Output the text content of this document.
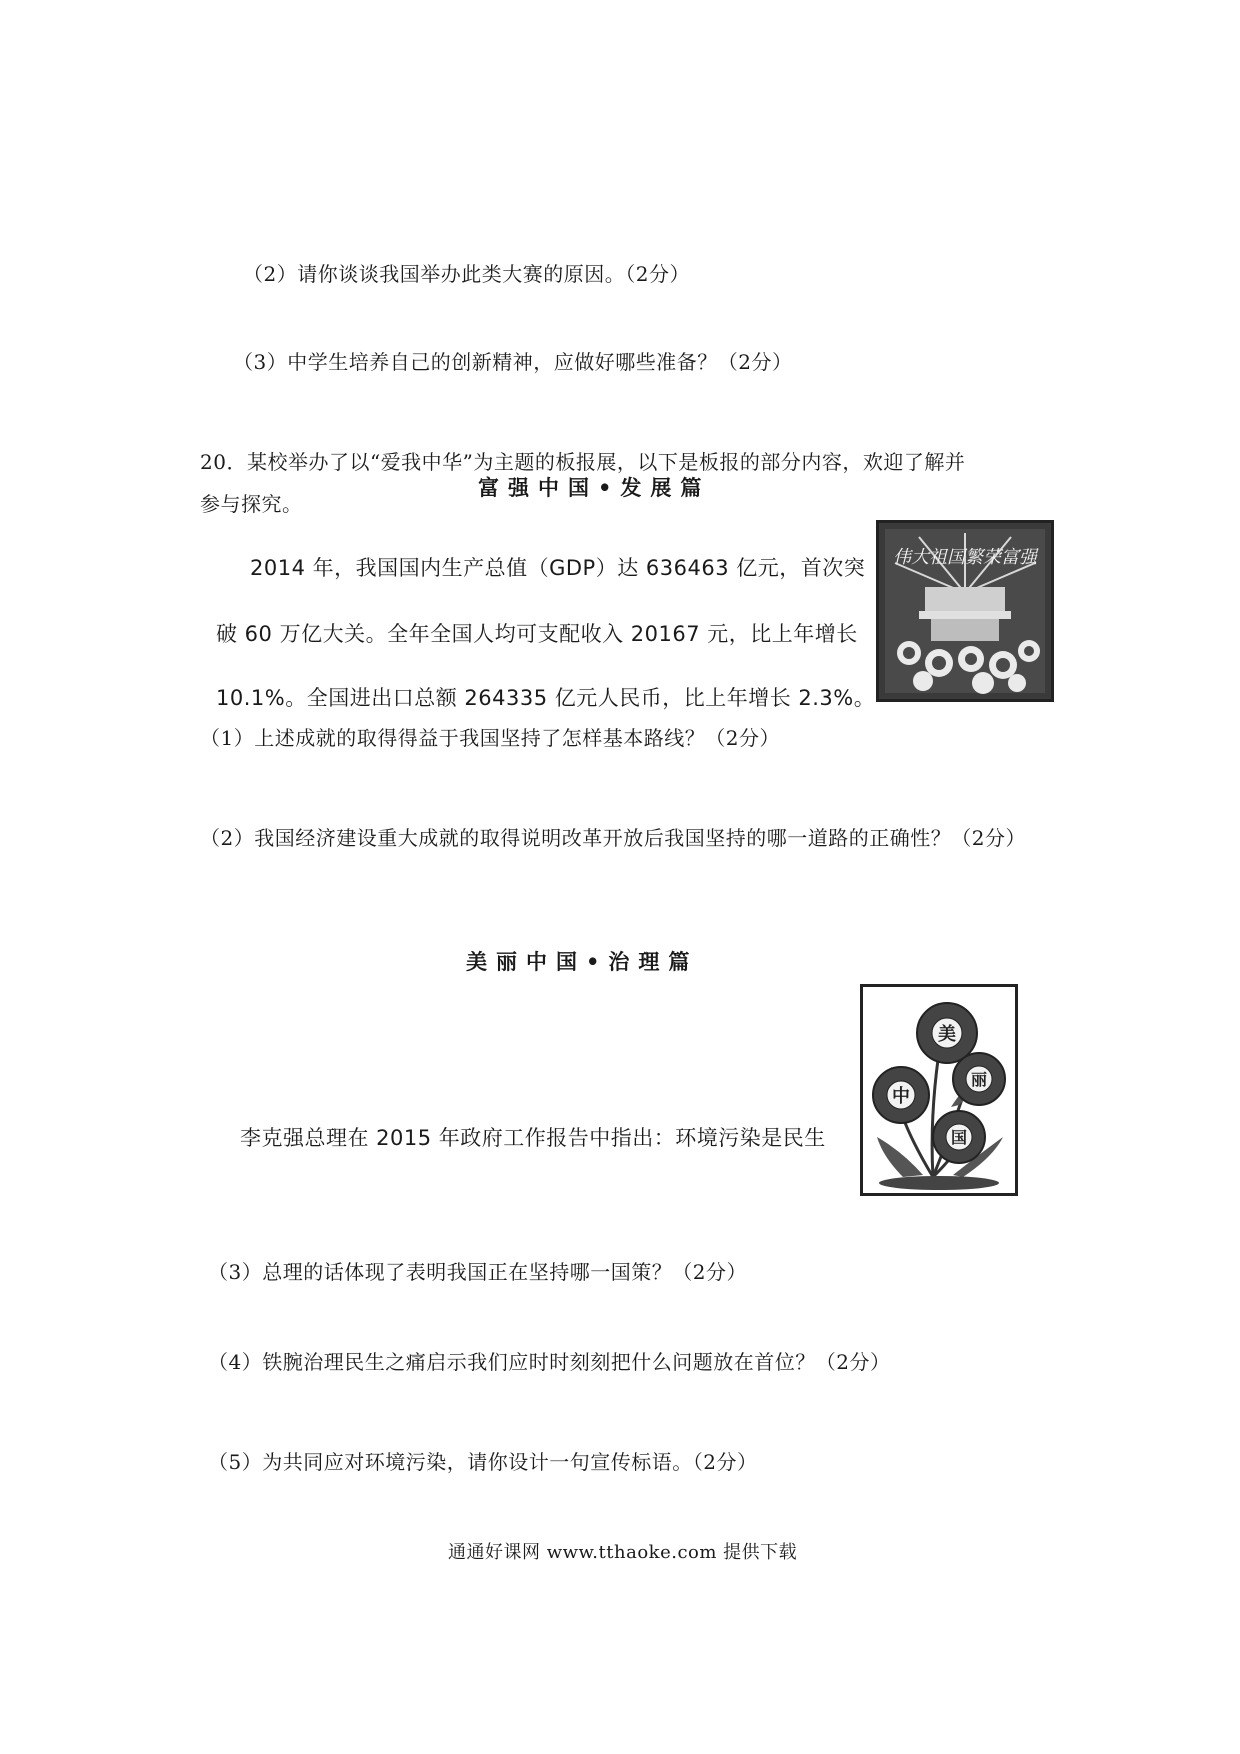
（2）请你谈谈我国举办此类大赛的原因。（2分）
（3）中学生培养自己的创新精神，应做好哪些准备？（2分）
20．某校举办了以“爱我中华”为主题的板报展，以下是板报的部分内容，欢迎了解并
参与探究。
富强中国•发展篇
2014 年，我国国内生产总值（GDP）达 636463 亿元，首次突
破 60 万亿大关。全年全国人均可支配收入 20167 元，比上年增长
10.1%。全国进出口总额 264335 亿元人民币，比上年增长 2.3%。
伟大祖国繁荣富强
（1）上述成就的取得得益于我国坚持了怎样基本路线？（2分）
（2）我国经济建设重大成就的取得说明改革开放后我国坚持的哪一道路的正确性？（2分）
美丽中国•治理篇
美
丽
中
国
李克强总理在 2015 年政府工作报告中指出：环境污染是民生
（3）总理的话体现了表明我国正在坚持哪一国策？（2分）
（4）铁腕治理民生之痛启示我们应时时刻刻把什么问题放在首位？（2分）
（5）为共同应对环境污染，请你设计一句宣传标语。（2分）
通通好课网 www.tthaoke.com 提供下载
